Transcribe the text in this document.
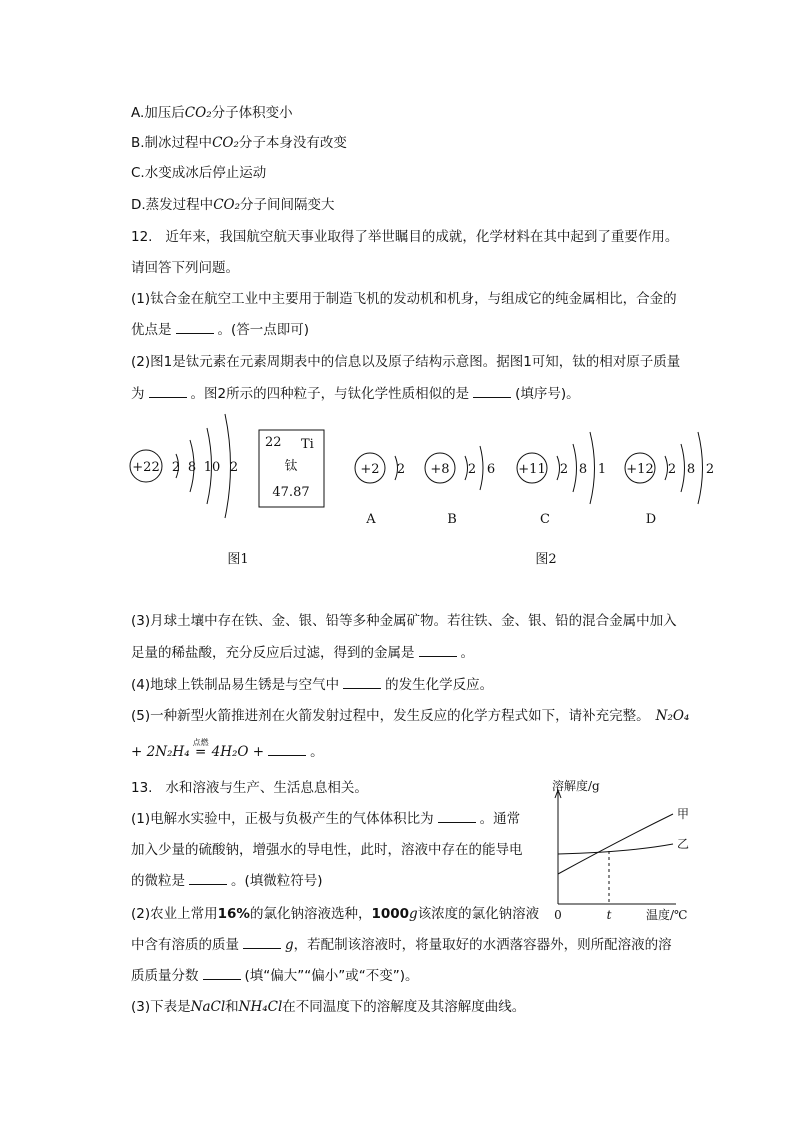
A.加压后CO₂分子体积变小
B.制冰过程中CO₂分子本身没有改变
C.水变成冰后停止运动
D.蒸发过程中CO₂分子间间隔变大
12. 近年来，我国航空航天事业取得了举世瞩目的成就，化学材料在其中起到了重要作用。
请回答下列问题。
(1)钛合金在航空工业中主要用于制造飞机的发动机和机身，与组成它的纯金属相比，合金的
优点是	。(答一点即可)
(2)图1是钛元素在元素周期表中的信息以及原子结构示意图。据图1可知，钛的相对原子质量
为	。图2所示的四种粒子，与钛化学性质相似的是	(填序号)。
+22 2 8 10 2
22 Ti
钛
47.87
+2 2 +8 2 6 +11 2 8 1 +12 2 8 2
A	B	C	D
图1	图2
(3)月球土壤中存在铁、金、银、铅等多种金属矿物。若往铁、金、银、铅的混合金属中加入
足量的稀盐酸，充分反应后过滤，得到的金属是	。
(4)地球上铁制品易生锈是与空气中	的发生化学反应。
(5)一种新型火箭推进剂在火箭发射过程中，发生反应的化学方程式如下，请补充完整。 N₂O₄
+ 2N₂H₄
点燃
= 4H₂O +	。
13. 水和溶液与生产、生活息息相关。
(1)电解水实验中，正极与负极产生的气体体积比为	。通常
加入少量的硫酸钠，增强水的导电性，此时，溶液中存在的能导电
的微粒是	。(填微粒符号)
(2)农业上常用16%的氯化钠溶液选种，1000g该浓度的氯化钠溶液
中含有溶质的质量	g，若配制该溶液时，将量取好的水洒落容器外，则所配溶液的溶
质质量分数	(填“偏大”“偏小”或“不变”)。
(3)下表是NaCl和NH₄Cl在不同温度下的溶解度及其溶解度曲线。
溶解度/g
0	t	温度/℃
甲
乙
